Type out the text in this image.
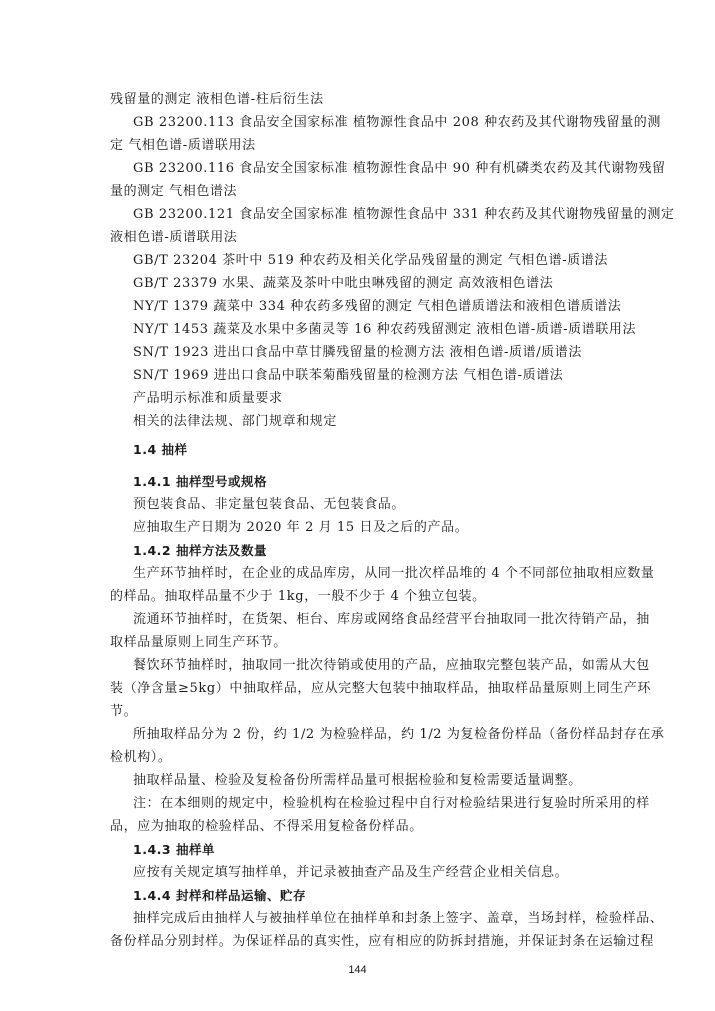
残留量的测定 液相色谱-柱后衍生法
GB 23200.113 食品安全国家标准 植物源性食品中 208 种农药及其代谢物残留量的测
定 气相色谱-质谱联用法
GB 23200.116 食品安全国家标准 植物源性食品中 90 种有机磷类农药及其代谢物残留
量的测定 气相色谱法
GB 23200.121 食品安全国家标准 植物源性食品中 331 种农药及其代谢物残留量的测定
液相色谱-质谱联用法
GB/T 23204 茶叶中 519 种农药及相关化学品残留量的测定 气相色谱-质谱法
GB/T 23379 水果、蔬菜及茶叶中吡虫啉残留的测定 高效液相色谱法
NY/T 1379 蔬菜中 334 种农药多残留的测定 气相色谱质谱法和液相色谱质谱法
NY/T 1453 蔬菜及水果中多菌灵等 16 种农药残留测定 液相色谱-质谱-质谱联用法
SN/T 1923 进出口食品中草甘膦残留量的检测方法 液相色谱-质谱/质谱法
SN/T 1969 进出口食品中联苯菊酯残留量的检测方法 气相色谱-质谱法
产品明示标准和质量要求
相关的法律法规、部门规章和规定
1.4 抽样
1.4.1 抽样型号或规格
预包装食品、非定量包装食品、无包装食品。
应抽取生产日期为 2020 年 2 月 15 日及之后的产品。
1.4.2 抽样方法及数量
生产环节抽样时，在企业的成品库房，从同一批次样品堆的 4 个不同部位抽取相应数量
的样品。抽取样品量不少于 1kg，一般不少于 4 个独立包装。
流通环节抽样时，在货架、柜台、库房或网络食品经营平台抽取同一批次待销产品，抽
取样品量原则上同生产环节。
餐饮环节抽样时，抽取同一批次待销或使用的产品，应抽取完整包装产品，如需从大包
装（净含量≥5kg）中抽取样品，应从完整大包装中抽取样品，抽取样品量原则上同生产环
节。
所抽取样品分为 2 份，约 1/2 为检验样品，约 1/2 为复检备份样品（备份样品封存在承
检机构）。
抽取样品量、检验及复检备份所需样品量可根据检验和复检需要适量调整。
注：在本细则的规定中，检验机构在检验过程中自行对检验结果进行复验时所采用的样
品，应为抽取的检验样品、不得采用复检备份样品。
1.4.3 抽样单
应按有关规定填写抽样单，并记录被抽查产品及生产经营企业相关信息。
1.4.4 封样和样品运输、贮存
抽样完成后由抽样人与被抽样单位在抽样单和封条上签字、盖章，当场封样，检验样品、
备份样品分别封样。为保证样品的真实性，应有相应的防拆封措施，并保证封条在运输过程
144
